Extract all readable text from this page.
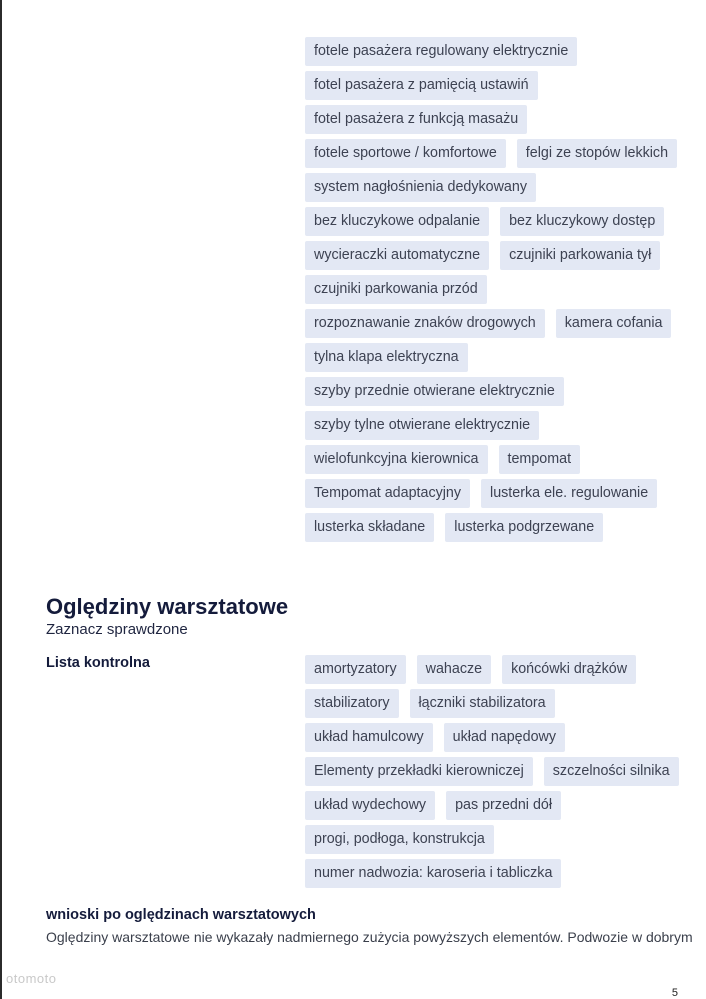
fotele pasażera regulowany elektrycznie
fotel pasażera z pamięcią ustawiń
fotel pasażera z funkcją masażu
fotele sportowe / komfortowe	felgi ze stopów lekkich
system nagłośnienia dedykowany
bez kluczykowe odpalanie	bez kluczykowy dostęp
wycieraczki automatyczne	czujniki parkowania tył
czujniki parkowania przód
rozpoznawanie znaków drogowych	kamera cofania
tylna klapa elektryczna
szyby przednie otwierane elektrycznie
szyby tylne otwierane elektrycznie
wielofunkcyjna kierownica	tempomat
Tempomat adaptacyjny	lusterka ele. regulowanie
lusterka składane	lusterka podgrzewane
Oględziny warsztatowe
Zaznacz sprawdzone
Lista kontrolna	amortyzatory	wahacze	końcówki drążków
stabilizatory	łączniki stabilizatora
układ hamulcowy	układ napędowy
Elementy przekładki kierowniczej	szczelności silnika
układ wydechowy	pas przedni dół
progi, podłoga, konstrukcja
numer nadwozia: karoseria i tabliczka
wnioski po oględzinach warsztatowych
Oględziny warsztatowe nie wykazały nadmiernego zużycia powyższych elementów. Podwozie w dobrym
otomoto
5
